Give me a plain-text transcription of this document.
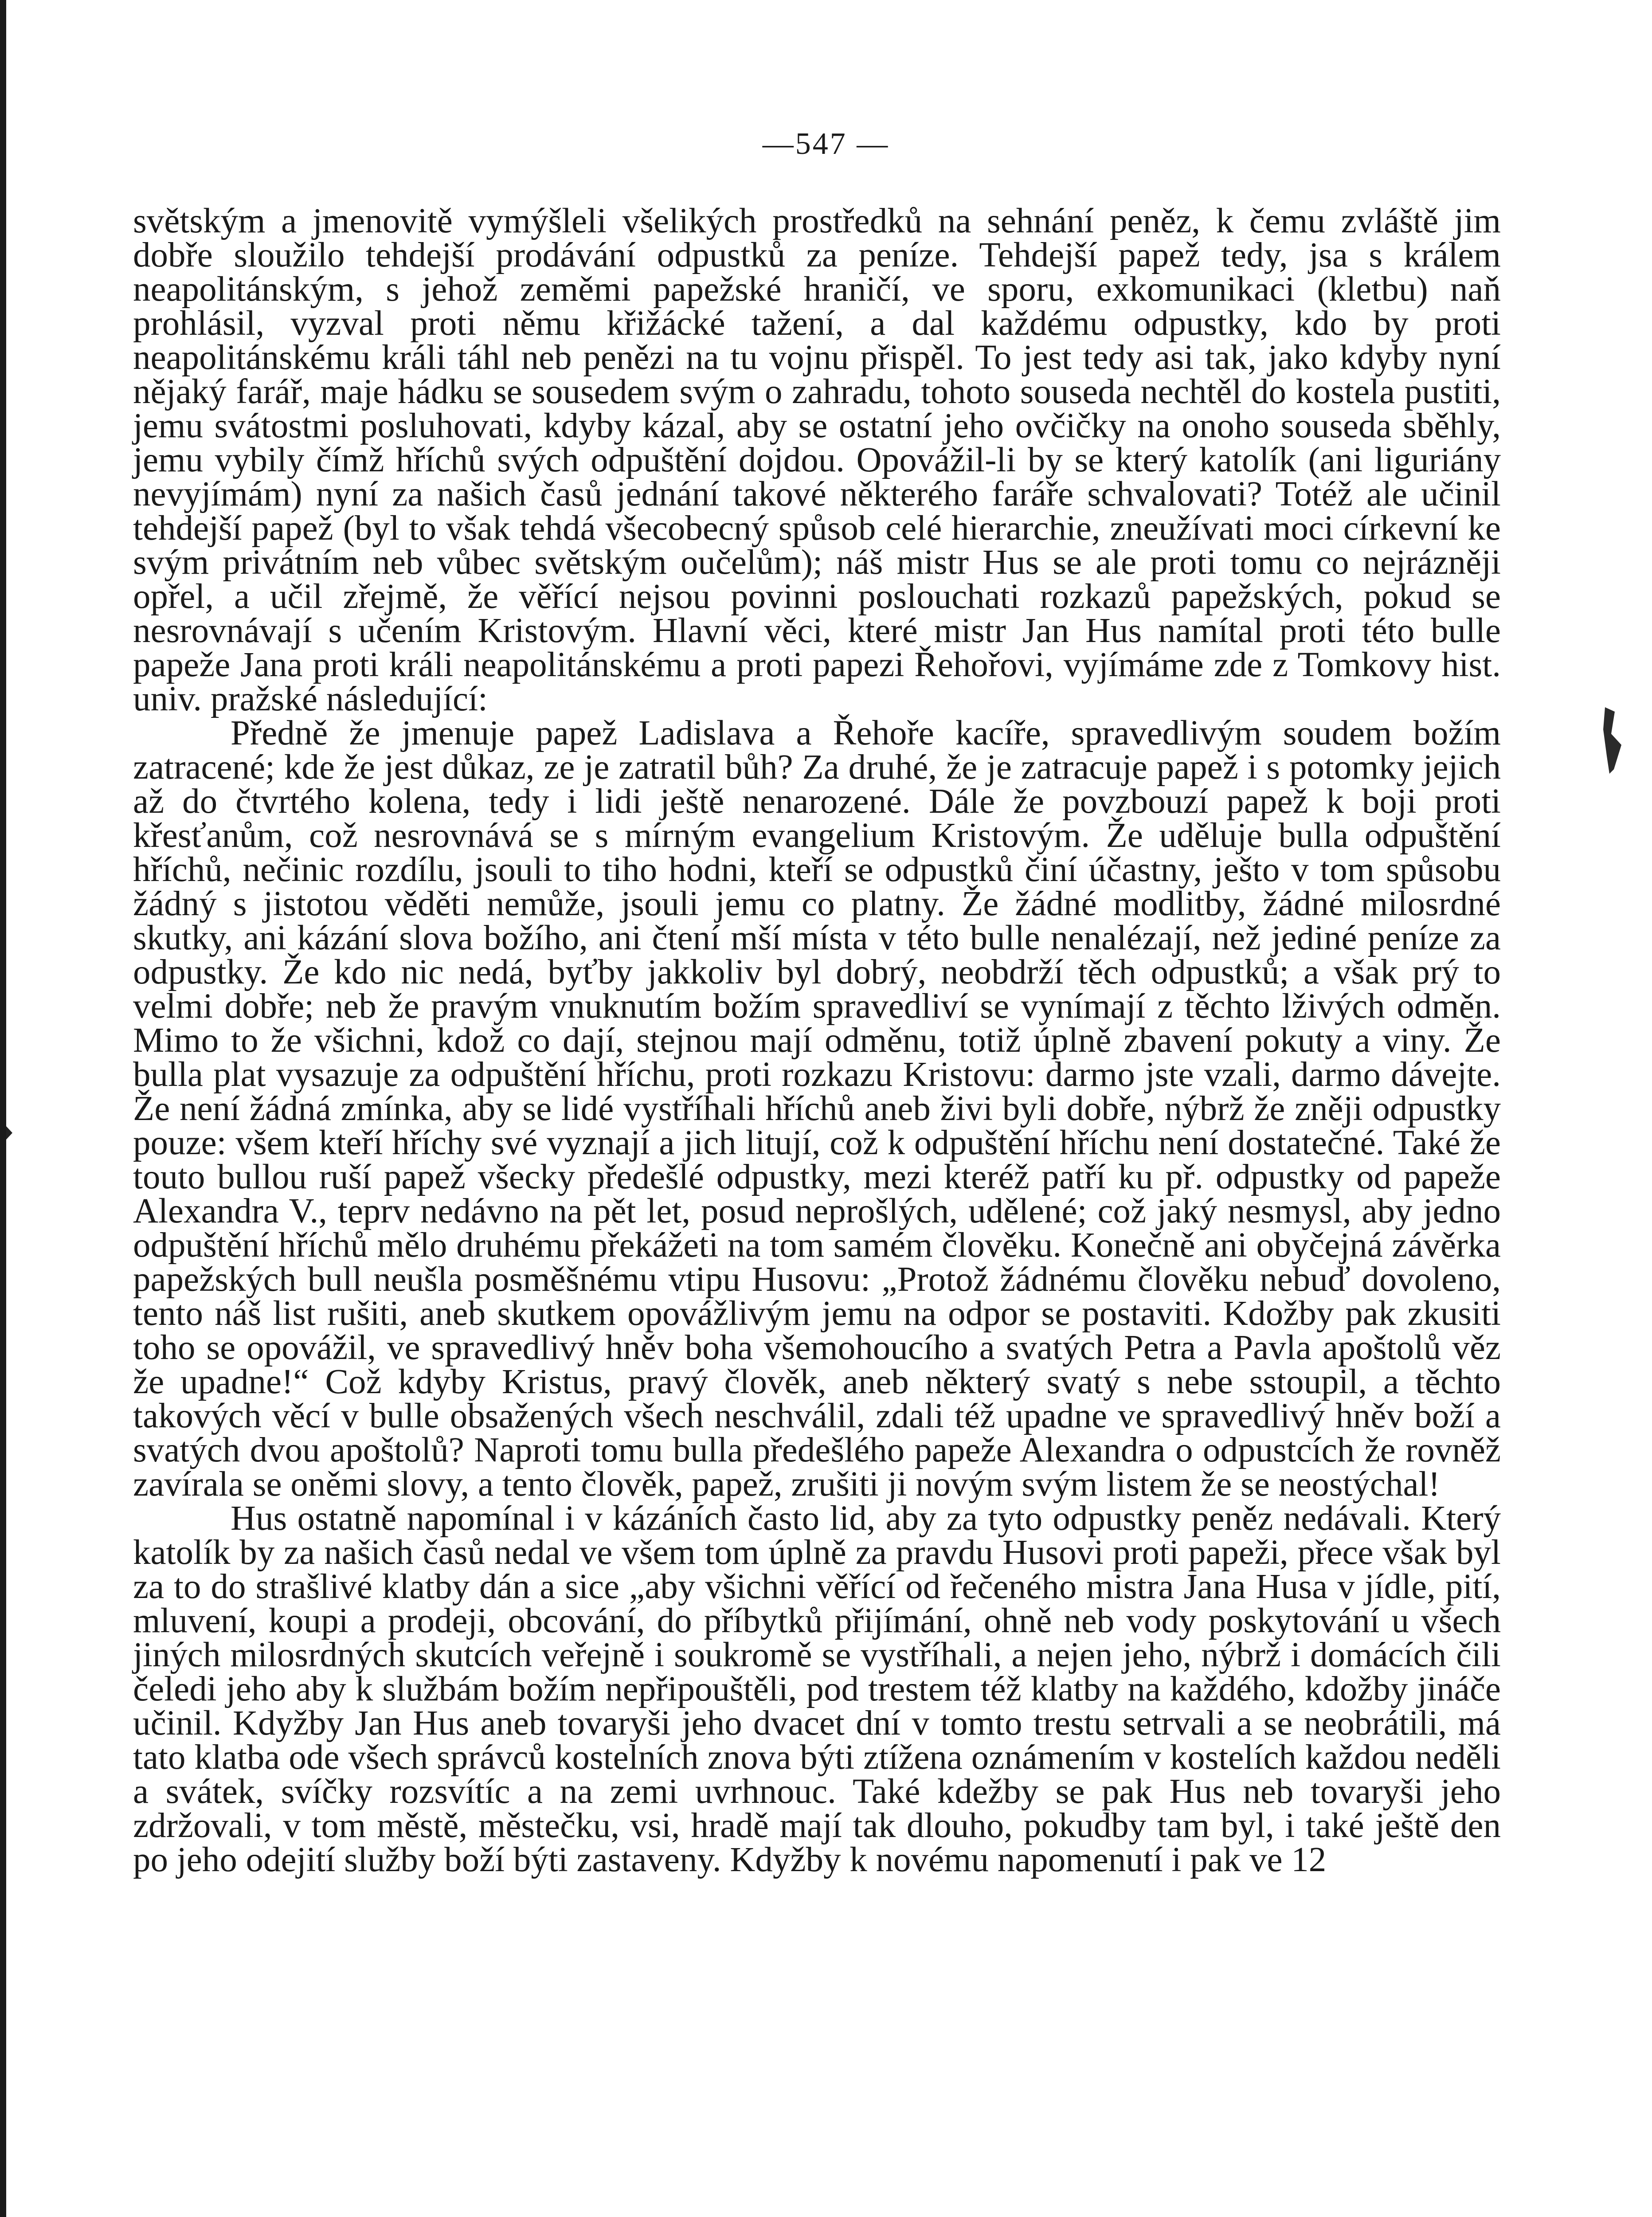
—547 —

světským a jmenovitě vymýšleli všelikých prostředků na sehnání peněz, k čemu zvláště jim dobře sloužilo tehdejší prodávání odpustků za peníze. Tehdejší papež tedy, jsa s králem neapolitánským, s jehož zeměmi papežské hraničí, ve sporu, exkomunikaci (kletbu) naň prohlásil, vyzval proti němu křižácké tažení, a dal každému odpustky, kdo by proti neapolitánskému králi táhl neb penězi na tu vojnu přispěl. To jest tedy asi tak, jako kdyby nyní nějaký farář, maje hádku se sousedem svým o zahradu, tohoto souseda nechtěl do kostela pustiti, jemu svátostmi posluhovati, kdyby kázal, aby se ostatní jeho ovčičky na onoho souseda sběhly, jemu vybily čímž hříchů svých odpuštění dojdou. Opovážil-li by se který katolík (ani liguriány nevyjímám) nyní za našich časů jednání takové některého faráře schvalovati? Totéž ale učinil tehdejší papež (byl to však tehdá všecobecný spůsob celé hierarchie, zneužívati moci církevní ke svým privátním neb vůbec světským oučelům); náš mistr Hus se ale proti tomu co nejrázněji opřel, a učil zřejmě, že věřící nejsou povinni poslouchati rozkazů papežských, pokud se nesrovnávají s učením Kristovým. Hlavní věci, které mistr Jan Hus namítal proti této bulle papeže Jana proti králi neapolitánskému a proti papezi Řehořovi, vyjímáme zde z Tomkovy hist. univ. pražské následující:

Předně že jmenuje papež Ladislava a Řehoře kacíře, spravedlivým soudem božím zatracené; kde že jest důkaz, ze je zatratil bůh? Za druhé, že je zatracuje papež i s potomky jejich až do čtvrtého kolena, tedy i lidi ještě nenarozené. Dále že povzbouzí papež k boji proti křesťanům, což nesrovnává se s mírným evangelium Kristovým. Že uděluje bulla odpuštění hříchů, nečinic rozdílu, jsouli to tiho hodni, kteří se odpustků činí účastny, ješto v tom spůsobu žádný s jistotou věděti nemůže, jsouli jemu co platny. Že žádné modlitby, žádné milosrdné skutky, ani kázání slova božího, ani čtení mší místa v této bulle nenalézají, než jediné peníze za odpustky. Že kdo nic nedá, byťby jakkoliv byl dobrý, neobdrží těch odpustků; a však prý to velmi dobře; neb že pravým vnuknutím božím spravedliví se vynímají z těchto lživých odměn. Mimo to že všichni, kdož co dají, stejnou mají odměnu, totiž úplně zbavení pokuty a viny. Že bulla plat vysazuje za odpuštění hříchu, proti rozkazu Kristovu: darmo jste vzali, darmo dávejte. Že není žádná zmínka, aby se lidé vystříhali hříchů aneb živi byli dobře, nýbrž že zněji odpustky pouze: všem kteří hříchy své vyznají a jich litují, což k odpuštění hříchu není dostatečné. Také že touto bullou ruší papež všecky předešlé odpustky, mezi kteréž patří ku př. odpustky od papeže Alexandra V., teprv nedávno na pět let, posud neprošlých, udělené; což jaký nesmysl, aby jedno odpuštění hříchů mělo druhému překážeti na tom samém člověku. Konečně ani obyčejná závěrka papežských bull neušla posměšnému vtipu Husovu: „Protož žádnému člověku nebuď dovoleno, tento náš list rušiti, aneb skutkem opovážlivým jemu na odpor se postaviti. Kdožby pak zkusiti toho se opovážil, ve spravedlivý hněv boha všemohoucího a svatých Petra a Pavla apoštolů věz že upadne!“ Což kdyby Kristus, pravý člověk, aneb některý svatý s nebe sstoupil, a těchto takových věcí v bulle obsažených všech neschválil, zdali též upadne ve spravedlivý hněv boží a svatých dvou apoštolů? Naproti tomu bulla předešlého papeže Alexandra o odpustcích že rovněž zavírala se oněmi slovy, a tento člověk, papež, zrušiti ji novým svým listem že se neostýchal!

Hus ostatně napomínal i v kázáních často lid, aby za tyto odpustky peněz nedávali. Který katolík by za našich časů nedal ve všem tom úplně za pravdu Husovi proti papeži, přece však byl za to do strašlivé klatby dán a sice „aby všichni věřící od řečeného mistra Jana Husa v jídle, pití, mluvení, koupi a prodeji, obcování, do příbytků přijímání, ohně neb vody poskytování u všech jiných milosrdných skutcích veřejně i soukromě se vystříhali, a nejen jeho, nýbrž i domácích čili čeledi jeho aby k službám božím nepřipouštěli, pod trestem též klatby na každého, kdožby jináče učinil. Kdyžby Jan Hus aneb tovaryši jeho dvacet dní v tomto trestu setrvali a se neobrátili, má tato klatba ode všech správců kostelních znova býti ztížena oznámením v kostelích každou neděli a svátek, svíčky rozsvítíc a na zemi uvrhnouc. Také kdežby se pak Hus neb tovaryši jeho zdržovali, v tom městě, městečku, vsi, hradě mají tak dlouho, pokudby tam byl, i také ještě den po jeho odejití služby boží býti zastaveny. Kdyžby k novému napomenutí i pak ve 12
